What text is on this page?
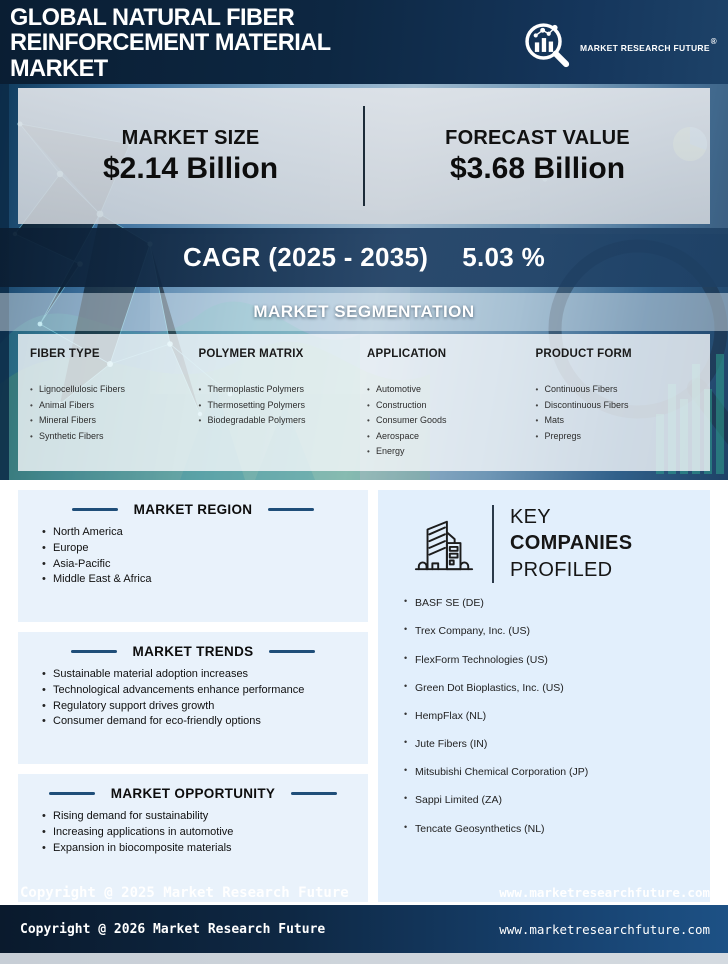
GLOBAL NATURAL FIBER
REINFORCEMENT MATERIAL
MARKET
MARKET RESEARCH FUTURE®
MARKET SIZE
$2.14 Billion
FORECAST VALUE
$3.68 Billion
CAGR (2025 - 2035) 5.03 %
MARKET SEGMENTATION
FIBER TYPE
• Lignocellulosic Fibers
• Animal Fibers
• Mineral Fibers
• Synthetic Fibers
POLYMER MATRIX
• Thermoplastic Polymers
• Thermosetting Polymers
• Biodegradable Polymers
APPLICATION
• Automotive
• Construction
• Consumer Goods
• Aerospace
• Energy
PRODUCT FORM
• Continuous Fibers
• Discontinuous Fibers
• Mats
• Prepregs
MARKET REGION
• North America
• Europe
• Asia-Pacific
• Middle East & Africa
MARKET TRENDS
• Sustainable material adoption increases
• Technological advancements enhance performance
• Regulatory support drives growth
• Consumer demand for eco-friendly options
MARKET OPPORTUNITY
• Rising demand for sustainability
• Increasing applications in automotive
• Expansion in biocomposite materials
KEY
COMPANIES
PROFILED
• BASF SE (DE)
• Trex Company, Inc. (US)
• FlexForm Technologies (US)
• Green Dot Bioplastics, Inc. (US)
• HempFlax (NL)
• Jute Fibers (IN)
• Mitsubishi Chemical Corporation (JP)
• Sappi Limited (ZA)
• Tencate Geosynthetics (NL)
Copyright @ 2025 Market Research Future	www.marketresearchfuture.com
Copyright @ 2026 Market Research Future	www.marketresearchfuture.com
